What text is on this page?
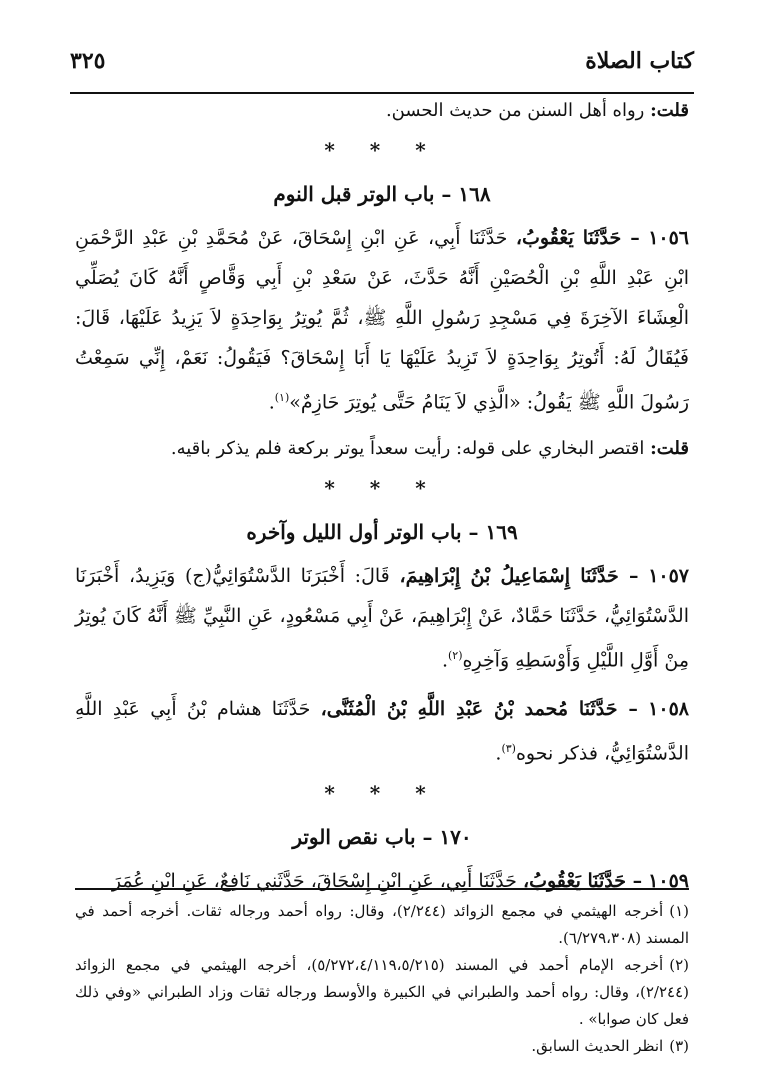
كتاب الصلاة
٣٢٥
قلت: رواه أهل السنن من حديث الحسن.
* * *
١٦٨ – باب الوتر قبل النوم
١٠٥٦ – حَدَّثَنَا يَعْقُوبُ، حَدَّثَنَا أَبِي، عَنِ ابْنِ إِسْحَاقَ، عَنْ مُحَمَّدِ بْنِ عَبْدِ الرَّحْمَنِ ابْنِ عَبْدِ اللَّهِ بْنِ الْحُصَيْنِ أَنَّهُ حَدَّثَ، عَنْ سَعْدِ بْنِ أَبِي وَقَّاصٍ أَنَّهُ كَانَ يُصَلِّي الْعِشَاءَ الآخِرَةَ فِي مَسْجِدِ رَسُولِ اللَّهِ ﷺ، ثُمَّ يُوتِرُ بِوَاحِدَةٍ لاَ يَزِيدُ عَلَيْهَا، قَالَ: فَيُقَالُ لَهُ: أَتُوتِرُ بِوَاحِدَةٍ لاَ تَزِيدُ عَلَيْهَا يَا أَبَا إِسْحَاقَ؟ فَيَقُولُ: نَعَمْ، إِنِّي سَمِعْتُ رَسُولَ اللَّهِ ﷺ يَقُولُ: «الَّذِي لاَ يَنَامُ حَتَّى يُوتِرَ حَازِمٌ»$^{(١)}$.
قلت: اقتصر البخاري على قوله: رأيت سعداً يوتر بركعة فلم يذكر باقيه.
* * *
١٦٩ – باب الوتر أول الليل وآخره
١٠٥٧ – حَدَّثَنَا إِسْمَاعِيلُ بْنُ إِبْرَاهِيمَ، قَالَ: أَخْبَرَنَا الدَّسْتُوَائِيُّ(ج) وَيَزِيدُ، أَخْبَرَنَا الدَّسْتُوَائِيُّ، حَدَّثَنَا حَمَّادٌ، عَنْ إِبْرَاهِيمَ، عَنْ أَبِي مَسْعُودٍ، عَنِ النَّبِيِّ ﷺ أَنَّهُ كَانَ يُوتِرُ مِنْ أَوَّلِ اللَّيْلِ وَأَوْسَطِهِ وَآخِرِهِ$^{(٢)}$.
١٠٥٨ – حَدَّثَنَا مُحمد بْنُ عَبْدِ اللَّهِ بْنُ الْمُثَنَّى، حَدَّثَنَا هشام بْنُ أَبِي عَبْدِ اللَّهِ الدَّسْتُوَائِيُّ، فذكر نحوه$^{(٣)}$.
* * *
١٧٠ – باب نقص الوتر
١٠٥٩ – حَدَّثَنَا يَعْقُوبُ، حَدَّثَنَا أَبِي، عَنِ ابْنِ إِسْحَاقَ، حَدَّثَنِي نَافِعٌ، عَنِ ابْنِ عُمَرَ
(١)أخرجه الهيثمي في مجمع الزوائد (٢/٢٤٤)، وقال: رواه أحمد ورجاله ثقات. أخرجه أحمد في المسند (٦/٢٧٩،٣٠٨).
(٢)أخرجه الإمام أحمد في المسند (٥/٢٧٢،٤/١١٩،٥/٢١٥)، أخرجه الهيثمي في مجمع الزوائد (٢/٢٤٤)، وقال: رواه أحمد والطبراني في الكبيرة والأوسط ورجاله ثقات وزاد الطبراني «وفي ذلك فعل كان صوابا» .
(٣)انظر الحديث السابق.
